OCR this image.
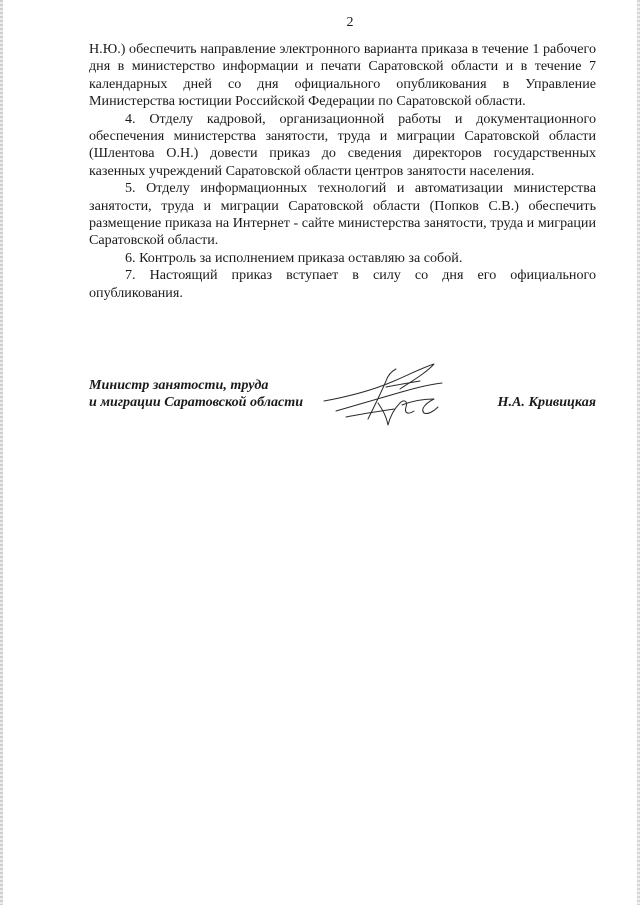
2

Н.Ю.) обеспечить направление электронного варианта приказа в течение 1 рабочего дня в министерство информации и печати Саратовской области и в течение 7 календарных дней со дня официального опубликования в Управление Министерства юстиции Российской Федерации по Саратовской области.

4. Отделу кадровой, организационной работы и документационного обеспечения министерства занятости, труда и миграции Саратовской области (Шлентова О.Н.) довести приказ до сведения директоров государственных казенных учреждений Саратовской области центров занятости населения.

5. Отделу информационных технологий и автоматизации министерства занятости, труда и миграции Саратовской области (Попков С.В.) обеспечить размещение приказа на Интернет - сайте министерства занятости, труда и миграции Саратовской области.

6. Контроль за исполнением приказа оставляю за собой.

7. Настоящий приказ вступает в силу со дня его официального опубликования.

Министр занятости, труда
и миграции Саратовской области	Н.А. Кривицкая
